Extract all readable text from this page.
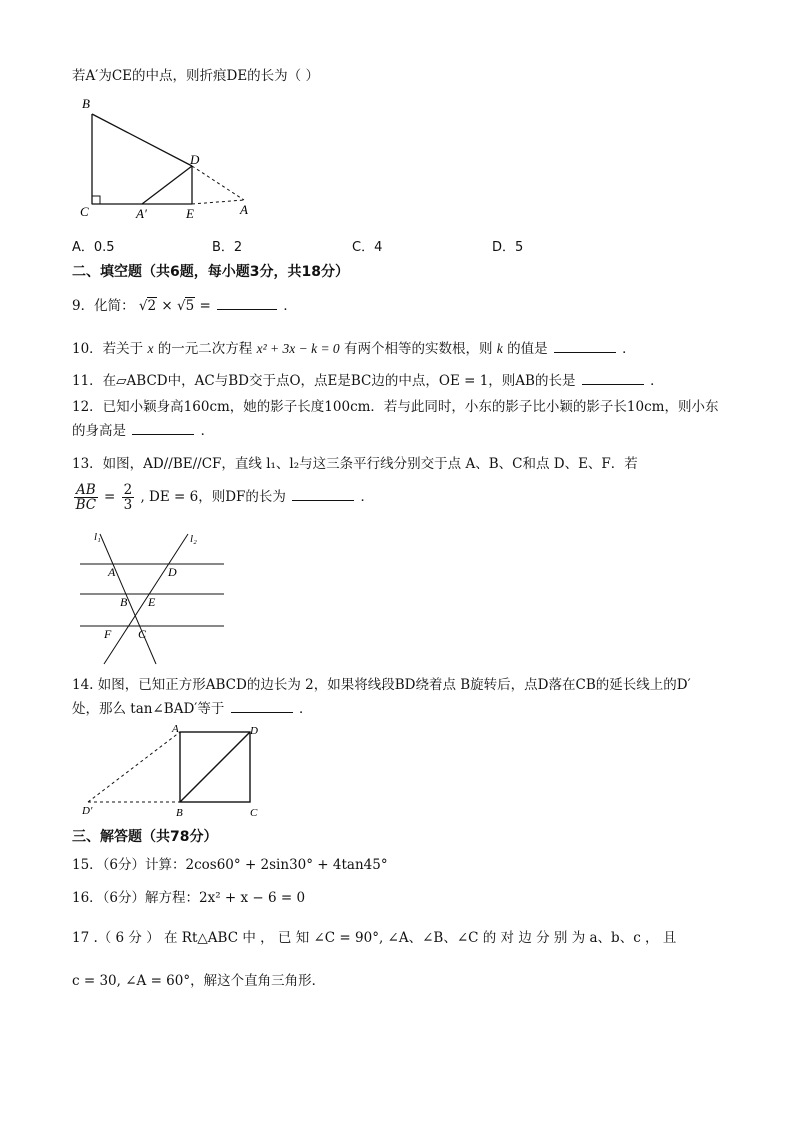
若A′为CE的中点，则折痕DE的长为（ ）
B
D
C	A′	E	A
A．0.5	B．2	C．4	D．5
二、填空题（共6题，每小题3分，共18分）
9．化简： √2 × √5 =	．
10．若关于 x 的一元二次方程 x² + 3x − k = 0 有两个相等的实数根，则 k 的值是	．
11．在▱ABCD中，AC与BD交于点O，点E是BC边的中点，OE = 1，则AB的长是	．
12．已知小颖身高160cm，她的影子长度100cm．若与此同时，小东的影子比小颖的影子长10cm，则小东
的身高是	．
13．如图，AD//BE//CF，直线 l₁、l₂与这三条平行线分别交于点 A、B、C和点 D、E、F．若
$\frac{AB}{BC} = \frac{2}{3}$ , DE = 6，则DF的长为	．
l₁	l₂
A	D
B E
F C
14. 如图，已知正方形ABCD的边长为 2，如果将线段BD绕着点 B旋转后，点D落在CB的延长线上的D′
处，那么 tan∠BAD′等于	．
A	D
D′	B	C
三、解答题（共78分）
15．（6分）计算：2cos60° + 2sin30° + 4tan45°
16．（6分）解方程：2x² + x − 6 = 0
17 .（ 6 分 ） 在 Rt△ABC 中 ， 已 知 ∠C = 90°, ∠A、∠B、∠C 的 对 边 分 别 为 a、b、c ， 且
c = 30, ∠A = 60°，解这个直角三角形．
